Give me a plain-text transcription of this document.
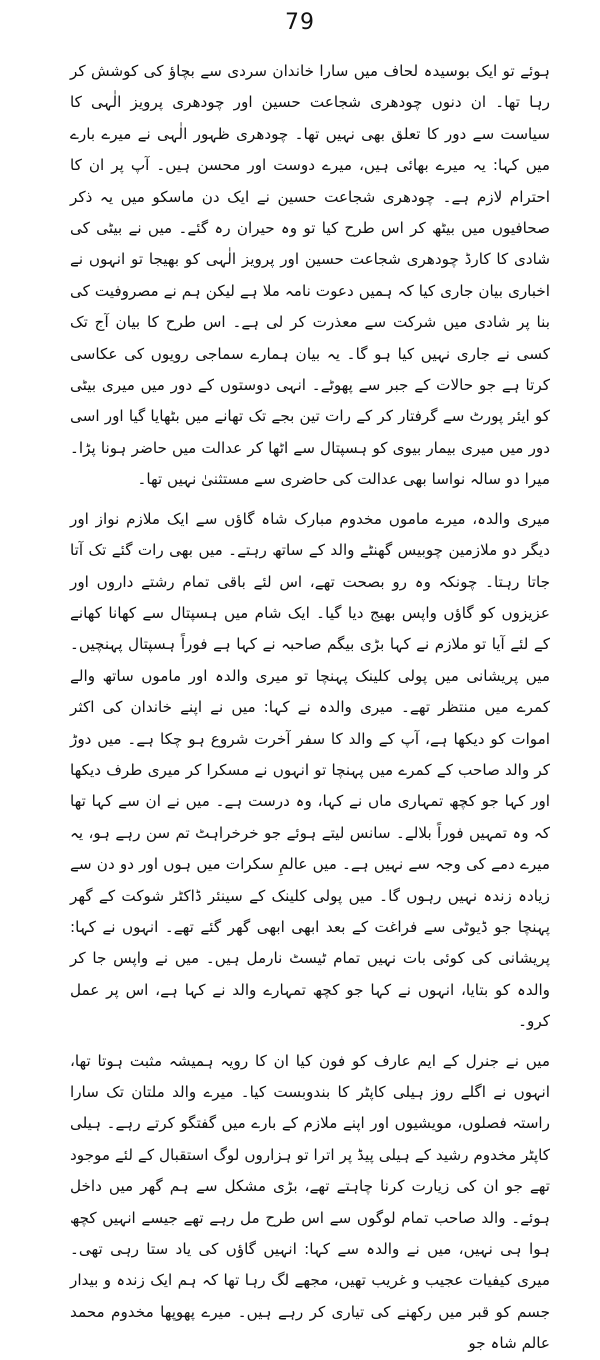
79

ہوئے تو ایک بوسیدہ لحاف میں سارا خاندان سردی سے بچاؤ کی کوشش کر رہا تھا۔ ان دنوں چودھری شجاعت حسین اور چودھری پرویز الٰہی کا سیاست سے دور کا تعلق بھی نہیں تھا۔ چودھری ظہور الٰہی نے میرے بارے میں کہا: یہ میرے بھائی ہیں، میرے دوست اور محسن ہیں۔ آپ پر ان کا احترام لازم ہے۔ چودھری شجاعت حسین نے ایک دن ماسکو میں یہ ذکر صحافیوں میں بیٹھ کر اس طرح کیا تو وہ حیران رہ گئے۔ میں نے بیٹی کی شادی کا کارڈ چودھری شجاعت حسین اور پرویز الٰہی کو بھیجا تو انہوں نے اخباری بیان جاری کیا کہ ہمیں دعوت نامہ ملا ہے لیکن ہم نے مصروفیت کی بنا پر شادی میں شرکت سے معذرت کر لی ہے۔ اس طرح کا بیان آج تک کسی نے جاری نہیں کیا ہو گا۔ یہ بیان ہمارے سماجی رویوں کی عکاسی کرتا ہے جو حالات کے جبر سے پھوٹے۔ انہی دوستوں کے دور میں میری بیٹی کو ایئر پورٹ سے گرفتار کر کے رات تین بجے تک تھانے میں بٹھایا گیا اور اسی دور میں میری بیمار بیوی کو ہسپتال سے اٹھا کر عدالت میں حاضر ہونا پڑا۔ میرا دو سالہ نواسا بھی عدالت کی حاضری سے مستثنیٰ نہیں تھا۔

میری والدہ، میرے ماموں مخدوم مبارک شاہ گاؤں سے ایک ملازم نواز اور دیگر دو ملازمین چوبیس گھنٹے والد کے ساتھ رہتے۔ میں بھی رات گئے تک آتا جاتا رہتا۔ چونکہ وہ رو بصحت تھے، اس لئے باقی تمام رشتے داروں اور عزیزوں کو گاؤں واپس بھیج دیا گیا۔ ایک شام میں ہسپتال سے کھانا کھانے کے لئے آیا تو ملازم نے کہا بڑی بیگم صاحبہ نے کہا ہے فوراً ہسپتال پہنچیں۔ میں پریشانی میں پولی کلینک پہنچا تو میری والدہ اور ماموں ساتھ والے کمرے میں منتظر تھے۔ میری والدہ نے کہا: میں نے اپنے خاندان کی اکثر اموات کو دیکھا ہے، آپ کے والد کا سفر آخرت شروع ہو چکا ہے۔ میں دوڑ کر والد صاحب کے کمرے میں پہنچا تو انہوں نے مسکرا کر میری طرف دیکھا اور کہا جو کچھ تمہاری ماں نے کہا، وہ درست ہے۔ میں نے ان سے کہا تھا کہ وہ تمہیں فوراً بلالے۔ سانس لیتے ہوئے جو خرخراہٹ تم سن رہے ہو، یہ میرے دمے کی وجہ سے نہیں ہے۔ میں عالمِ سکرات میں ہوں اور دو دن سے زیادہ زندہ نہیں رہوں گا۔ میں پولی کلینک کے سینئر ڈاکٹر شوکت کے گھر پہنچا جو ڈیوٹی سے فراغت کے بعد ابھی ابھی گھر گئے تھے۔ انہوں نے کہا: پریشانی کی کوئی بات نہیں تمام ٹیسٹ نارمل ہیں۔ میں نے واپس جا کر والدہ کو بتایا، انہوں نے کہا جو کچھ تمہارے والد نے کہا ہے، اس پر عمل کرو۔

میں نے جنرل کے ایم عارف کو فون کیا ان کا رویہ ہمیشہ مثبت ہوتا تھا، انہوں نے اگلے روز ہیلی کاپٹر کا بندوبست کیا۔ میرے والد ملتان تک سارا راستہ فصلوں، مویشیوں اور اپنے ملازم کے بارے میں گفتگو کرتے رہے۔ ہیلی کاپٹر مخدوم رشید کے ہیلی پیڈ پر اترا تو ہزاروں لوگ استقبال کے لئے موجود تھے جو ان کی زیارت کرنا چاہتے تھے، بڑی مشکل سے ہم گھر میں داخل ہوئے۔ والد صاحب تمام لوگوں سے اس طرح مل رہے تھے جیسے انہیں کچھ ہوا ہی نہیں، میں نے والدہ سے کہا: انہیں گاؤں کی یاد ستا رہی تھی۔ میری کیفیات عجیب و غریب تھیں، مجھے لگ رہا تھا کہ ہم ایک زندہ و بیدار جسم کو قبر میں رکھنے کی تیاری کر رہے ہیں۔ میرے پھوپھا مخدوم محمد عالم شاہ جو
